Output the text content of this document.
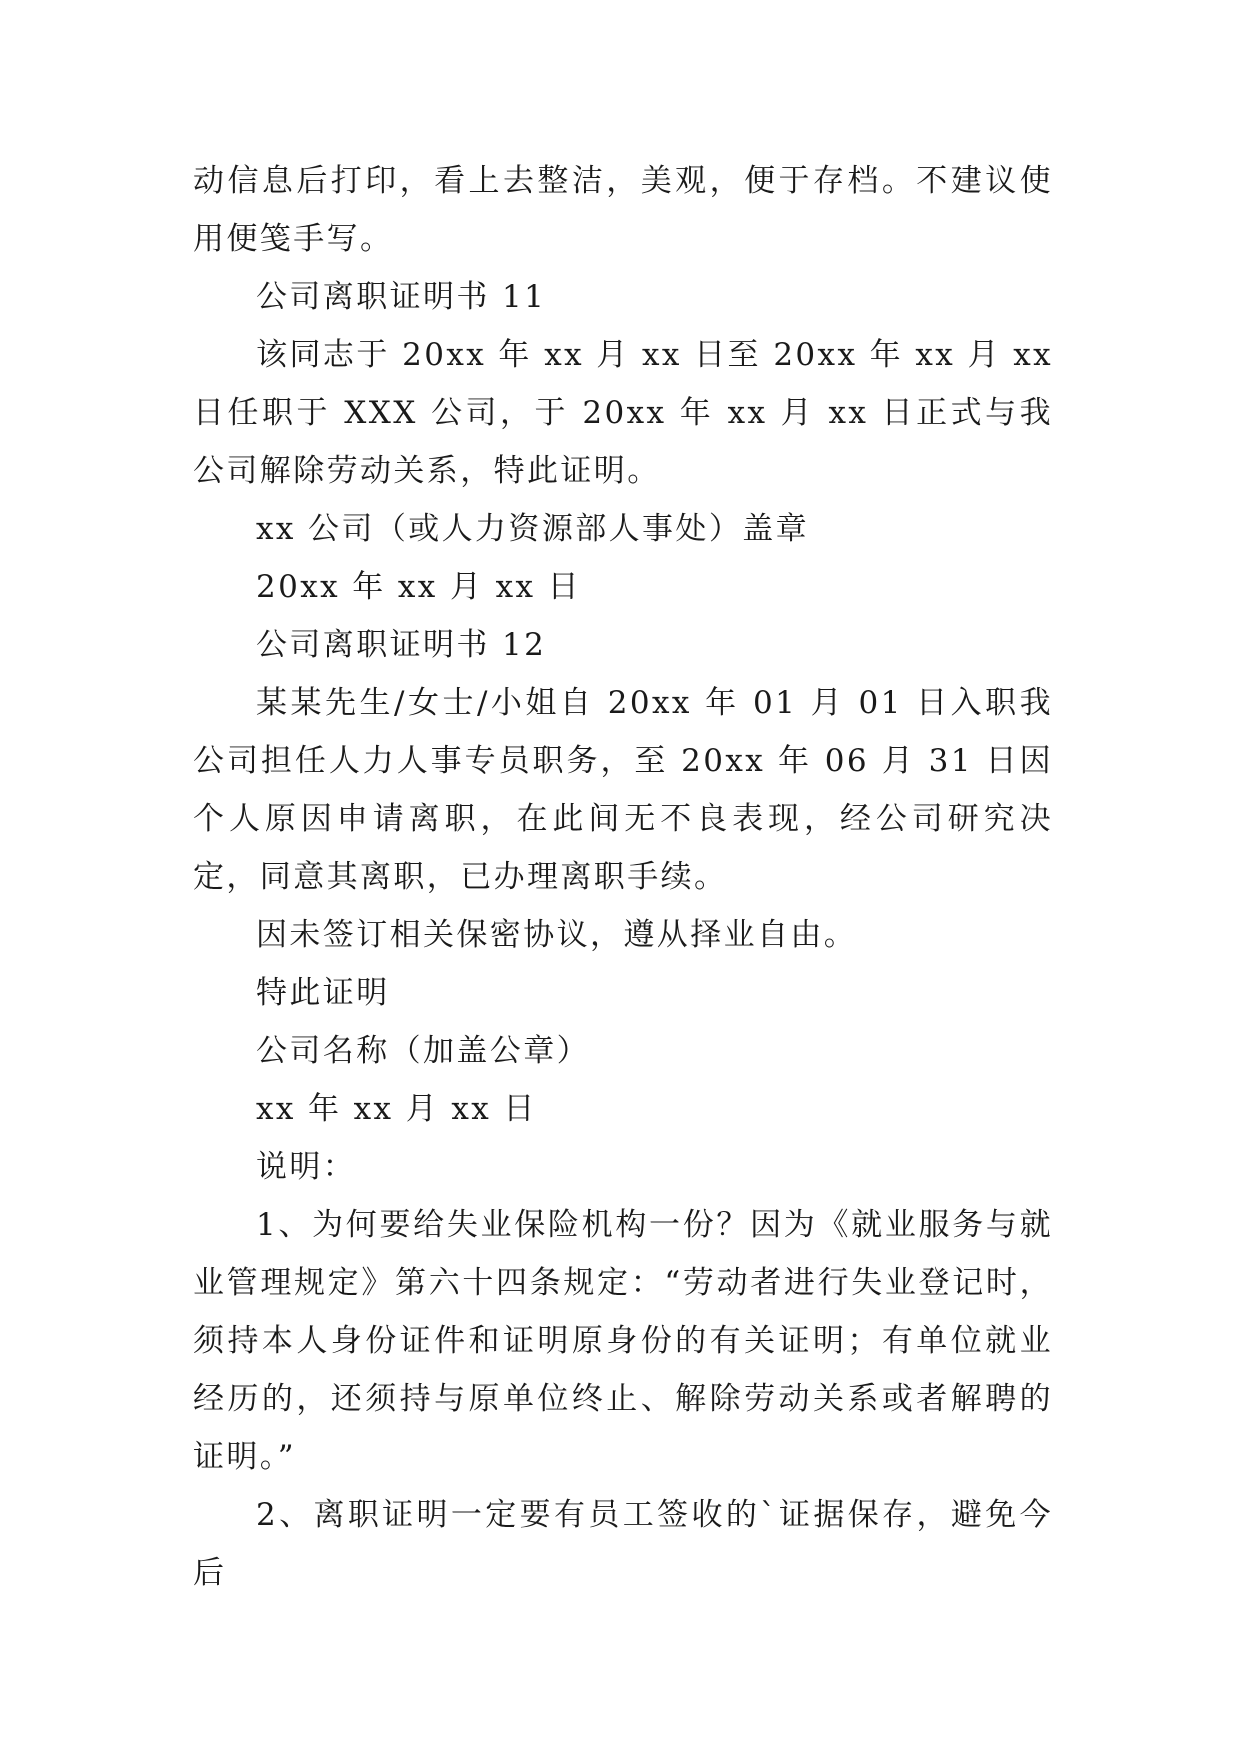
动信息后打印，看上去整洁，美观，便于存档。不建议使用便笺手写。

公司离职证明书 11

该同志于 20xx 年 xx 月 xx 日至 20xx 年 xx 月 xx 日任职于 XXX 公司，于 20xx 年 xx 月 xx 日正式与我公司解除劳动关系，特此证明。

xx 公司（或人力资源部人事处）盖章

20xx 年 xx 月 xx 日

公司离职证明书 12

某某先生/女士/小姐自 20xx 年 01 月 01 日入职我公司担任人力人事专员职务，至 20xx 年 06 月 31 日因个人原因申请离职，在此间无不良表现，经公司研究决定，同意其离职，已办理离职手续。

因未签订相关保密协议，遵从择业自由。

特此证明

公司名称（加盖公章）

xx 年 xx 月 xx 日

说明：

1、为何要给失业保险机构一份？因为《就业服务与就业管理规定》第六十四条规定：“劳动者进行失业登记时，须持本人身份证件和证明原身份的有关证明；有单位就业经历的，还须持与原单位终止、解除劳动关系或者解聘的证明。”

2、离职证明一定要有员工签收的`证据保存，避免今后
